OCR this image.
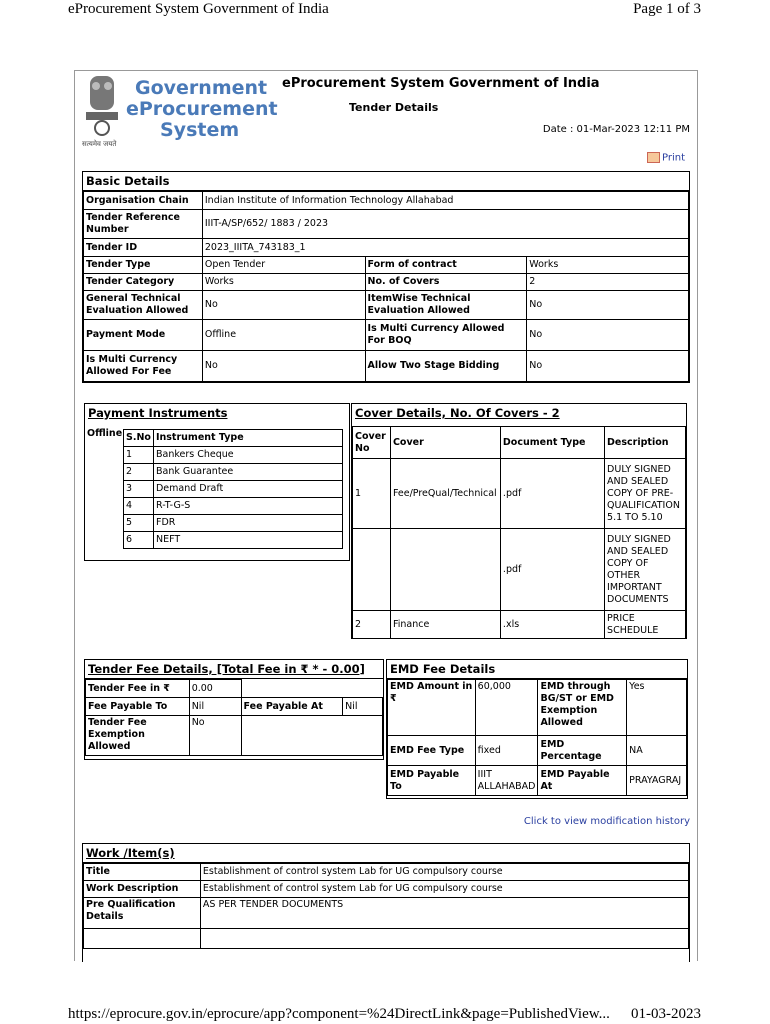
eProcurement System Government of India	Page 1 of 3
Government
eProcurement
System
सत्यमेव जयते
eProcurement System Government of India
Tender Details
Date : 01-Mar-2023 12:11 PM
Print
Basic Details
Organisation Chain	Indian Institute of Information Technology Allahabad		
Tender Reference Number	IIIT-A/SP/652/ 1883 / 2023		
Tender ID	2023_IIITA_743183_1		
Tender Type	Open Tender	Form of contract	Works
Tender Category	Works	No. of Covers	2
General Technical Evaluation Allowed	No	ItemWise Technical Evaluation Allowed	No
Payment Mode	Offline	Is Multi Currency Allowed For BOQ	No
Is Multi Currency Allowed For Fee	No	Allow Two Stage Bidding	No
Payment Instruments
Offline S.No	Instrument Type
1	Bankers Cheque
2	Bank Guarantee
3	Demand Draft
4	R-T-G-S
5	FDR
6	NEFT
Cover Details, No. Of Covers - 2
Cover No	Cover	Document Type	Description
1	Fee/PreQual/Technical	.pdf	DULY SIGNED AND SEALED COPY OF PRE-QUALIFICATION 5.1 TO 5.10
		.pdf	DULY SIGNED AND SEALED COPY OF OTHER IMPORTANT DOCUMENTS
2	Finance	.xls	PRICE SCHEDULE
Tender Fee Details, [Total Fee in ₹ * - 0.00]
Tender Fee in ₹	0.00		
Fee Payable To	Nil	Fee Payable At	Nil
Tender Fee Exemption Allowed	No		
EMD Fee Details
EMD Amount in ₹	60,000	EMD through BG/ST or EMD Exemption Allowed	Yes
EMD Fee Type	fixed	EMD Percentage	NA
EMD Payable To	IIIT ALLAHABAD	EMD Payable At	PRAYAGRAJ
Click to view modification history
Work /Item(s)
Title	Establishment of control system Lab for UG compulsory course
Work Description	Establishment of control system Lab for UG compulsory course
Pre Qualification Details	AS PER TENDER DOCUMENTS

https://eprocure.gov.in/eprocure/app?component=%24DirectLink&page=PublishedView... 01-03-2023
